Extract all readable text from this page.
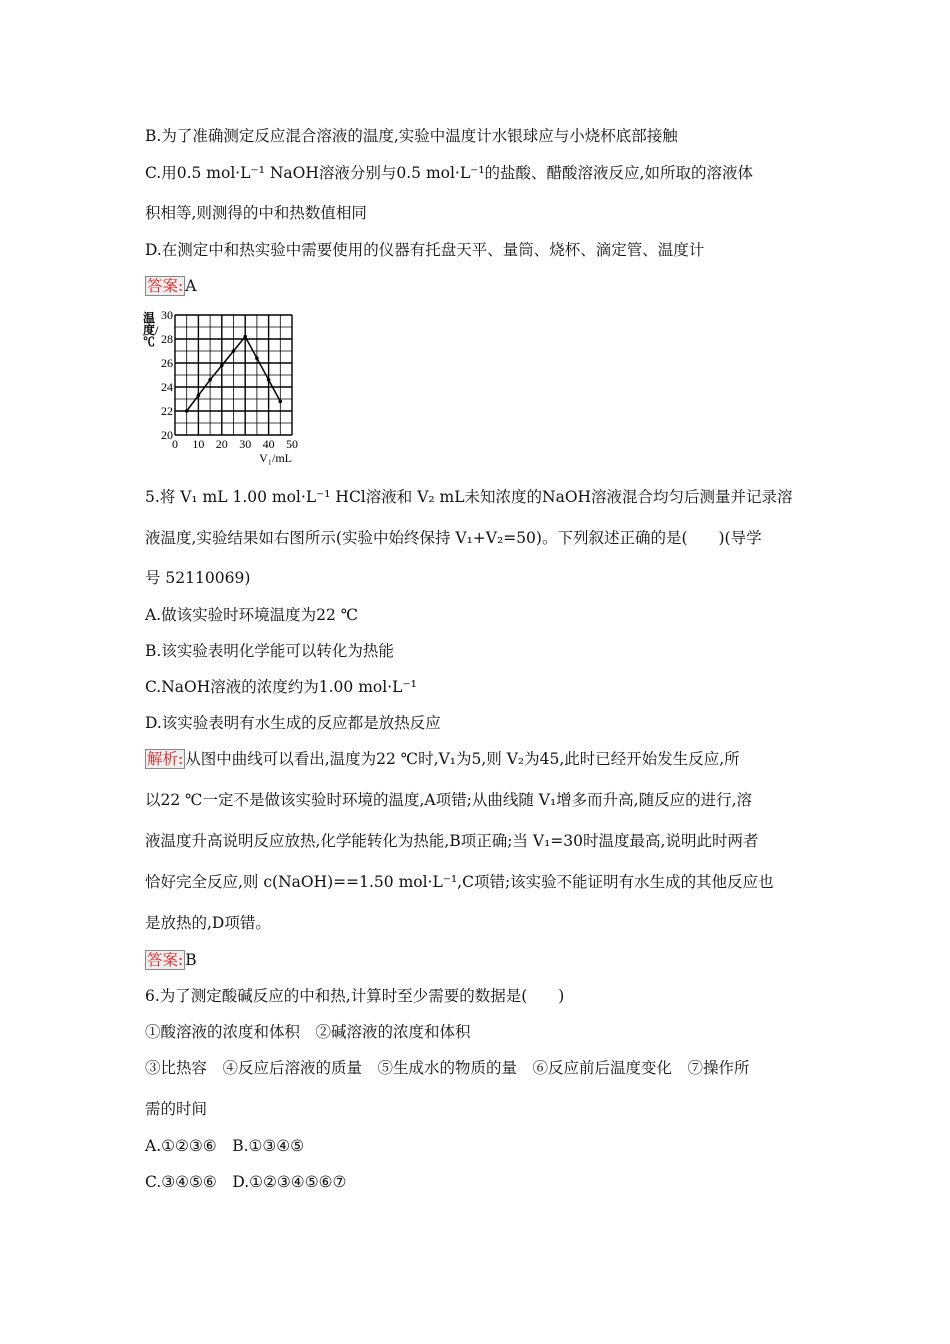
B.为了准确测定反应混合溶液的温度,实验中温度计水银球应与小烧杯底部接触
C.用0.5 mol·L⁻¹ NaOH溶液分别与0.5 mol·L⁻¹的盐酸、醋酸溶液反应,如所取的溶液体
积相等,则测得的中和热数值相同
D.在测定中和热实验中需要使用的仪器有托盘天平、量筒、烧杯、滴定管、温度计
答案: A
0 10 20 30 40 50
20
22
24
26
28
30
V₁/mL
温度/℃
5.将 V₁ mL 1.00 mol·L⁻¹ HCl溶液和 V₂ mL未知浓度的NaOH溶液混合均匀后测量并记录溶
液温度,实验结果如右图所示(实验中始终保持 V₁+V₂=50)。下列叙述正确的是(　　)(导学
号 52110069)
A.做该实验时环境温度为22 ℃
B.该实验表明化学能可以转化为热能
C.NaOH溶液的浓度约为1.00 mol·L⁻¹
D.该实验表明有水生成的反应都是放热反应
解析: 从图中曲线可以看出,温度为22 ℃时,V₁为5,则 V₂为45,此时已经开始发生反应,所
以22 ℃一定不是做该实验时环境的温度,A项错;从曲线随 V₁增多而升高,随反应的进行,溶
液温度升高说明反应放热,化学能转化为热能,B项正确;当 V₁=30时温度最高,说明此时两者
恰好完全反应,则 c(NaOH)==1.50 mol·L⁻¹,C项错;该实验不能证明有水生成的其他反应也
是放热的,D项错。
答案: B
6.为了测定酸碱反应的中和热,计算时至少需要的数据是(　　)
①酸溶液的浓度和体积　②碱溶液的浓度和体积
③比热容　④反应后溶液的质量　⑤生成水的物质的量　⑥反应前后温度变化　⑦操作所
需的时间
A.①②③⑥　B.①③④⑤
C.③④⑤⑥　D.①②③④⑤⑥⑦
